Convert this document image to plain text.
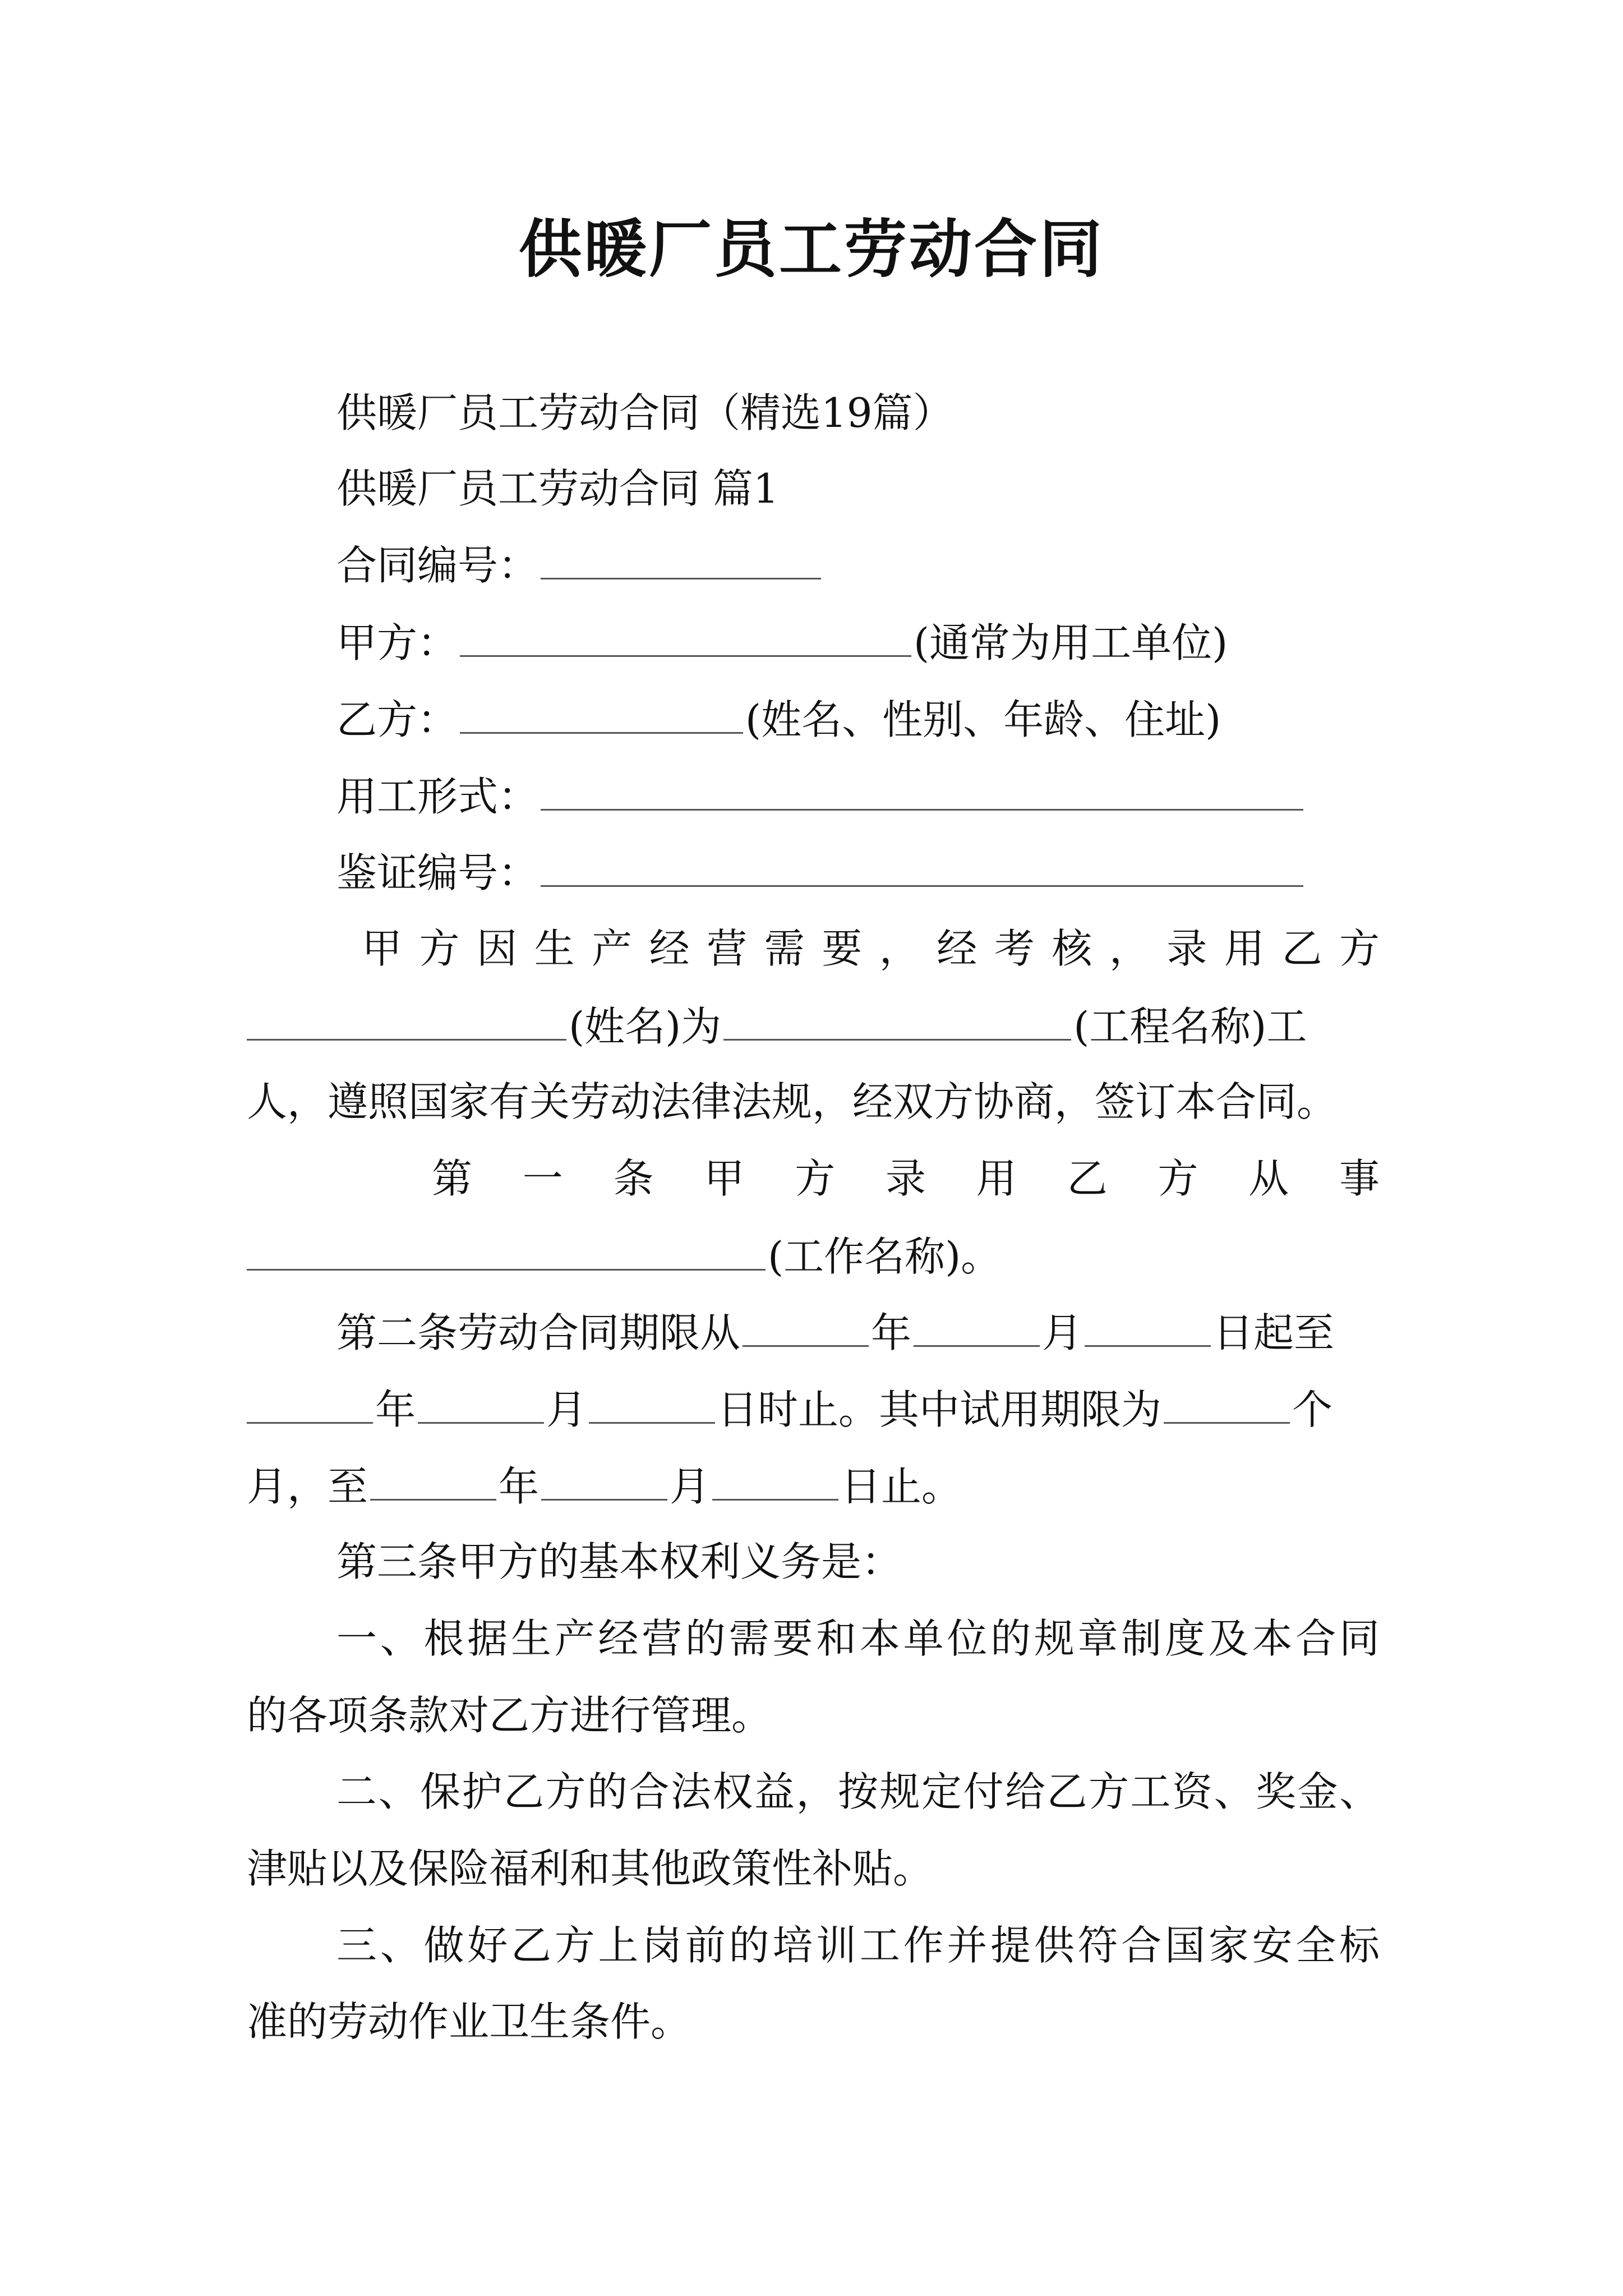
供暖厂员工劳动合同
供暖厂员工劳动合同（精选19篇）
供暖厂员工劳动合同 篇1
合同编号：
甲方：	(通常为用工单位)
乙方：	(姓名、性别、年龄、住址)
用工形式：
鉴证编号：
甲方因生产经营需要，经考核，录用乙方
(姓名)为	(工程名称)工
人，遵照国家有关劳动法律法规，经双方协商，签订本合同。
第一条甲方录用乙方从事
(工作名称)。
第二条劳动合同期限从	年	月	日起至
年	月	日时止。其中试用期限为	个
月，至	年	月	日止。
第三条甲方的基本权利义务是：
一、根据生产经营的需要和本单位的规章制度及本合同
的各项条款对乙方进行管理。
二、保护乙方的合法权益，按规定付给乙方工资、奖金、
津贴以及保险福利和其他政策性补贴。
三、做好乙方上岗前的培训工作并提供符合国家安全标
准的劳动作业卫生条件。
